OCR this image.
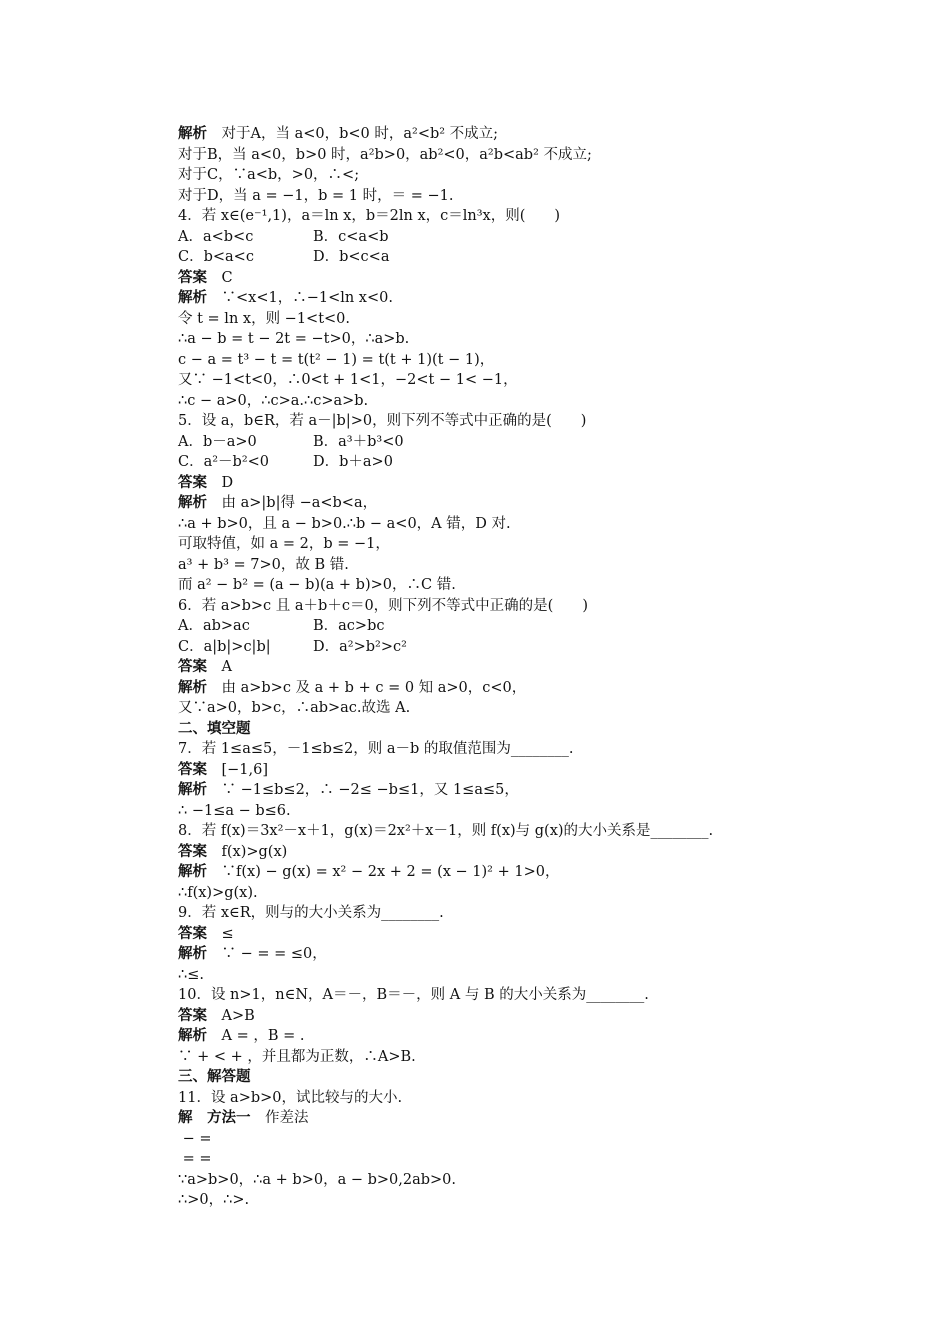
解析　对于A，当 a<0，b<0 时，a²<b² 不成立;
对于B，当 a<0，b>0 时，a²b>0，ab²<0，a²b<ab² 不成立;
对于C，∵a<b，>0，∴<;
对于D，当 a = −1，b = 1 时，＝ = −1.
4．若 x∈(e⁻¹,1)，a＝ln x，b＝2ln x，c＝ln³x，则(　　)
A．a<b<c	B．c<a<b
C．b<a<c	D．b<c<a
答案　C
解析　∵<x<1，∴−1<ln x<0.
令 t = ln x，则 −1<t<0.
∴a − b = t − 2t = −t>0，∴a>b.
c − a = t³ − t = t(t² − 1) = t(t + 1)(t − 1)，
又∵ −1<t<0，∴0<t + 1<1，−2<t − 1< −1，
∴c − a>0，∴c>a.∴c>a>b.
5．设 a，b∈R，若 a－|b|>0，则下列不等式中正确的是(　　)
A．b－a>0	B．a³＋b³<0
C．a²－b²<0	D．b＋a>0
答案　D
解析　由 a>|b|得 −a<b<a，
∴a + b>0，且 a − b>0.∴b − a<0，A 错，D 对.
可取特值，如 a = 2，b = −1，
a³ + b³ = 7>0，故 B 错.
而 a² − b² = (a − b)(a + b)>0，∴C 错.
6．若 a>b>c 且 a＋b＋c＝0，则下列不等式中正确的是(　　)
A．ab>ac	B．ac>bc
C．a|b|>c|b|	D．a²>b²>c²
答案　A
解析　由 a>b>c 及 a + b + c = 0 知 a>0，c<0，
又∵a>0，b>c，∴ab>ac.故选 A.
二、填空题
7．若 1≤a≤5，－1≤b≤2，则 a－b 的取值范围为________.
答案　[−1,6]
解析　∵ −1≤b≤2，∴ −2≤ −b≤1，又 1≤a≤5，
∴ −1≤a − b≤6.
8．若 f(x)＝3x²－x＋1，g(x)＝2x²＋x－1，则 f(x)与 g(x)的大小关系是________.
答案　f(x)>g(x)
解析　∵f(x) − g(x) = x² − 2x + 2 = (x − 1)² + 1>0，
∴f(x)>g(x).
9．若 x∈R，则与的大小关系为________.
答案　≤
解析　∵ − = = ≤0，
∴≤.
10．设 n>1，n∈N，A＝－，B＝－，则 A 与 B 的大小关系为________.
答案　A>B
解析　A = ，B = .
∵ + < + ，并且都为正数，∴A>B.
三、解答题
11．设 a>b>0，试比较与的大小.
解　方法一　作差法
− =
= =
∵a>b>0，∴a + b>0，a − b>0,2ab>0.
∴>0，∴>.
